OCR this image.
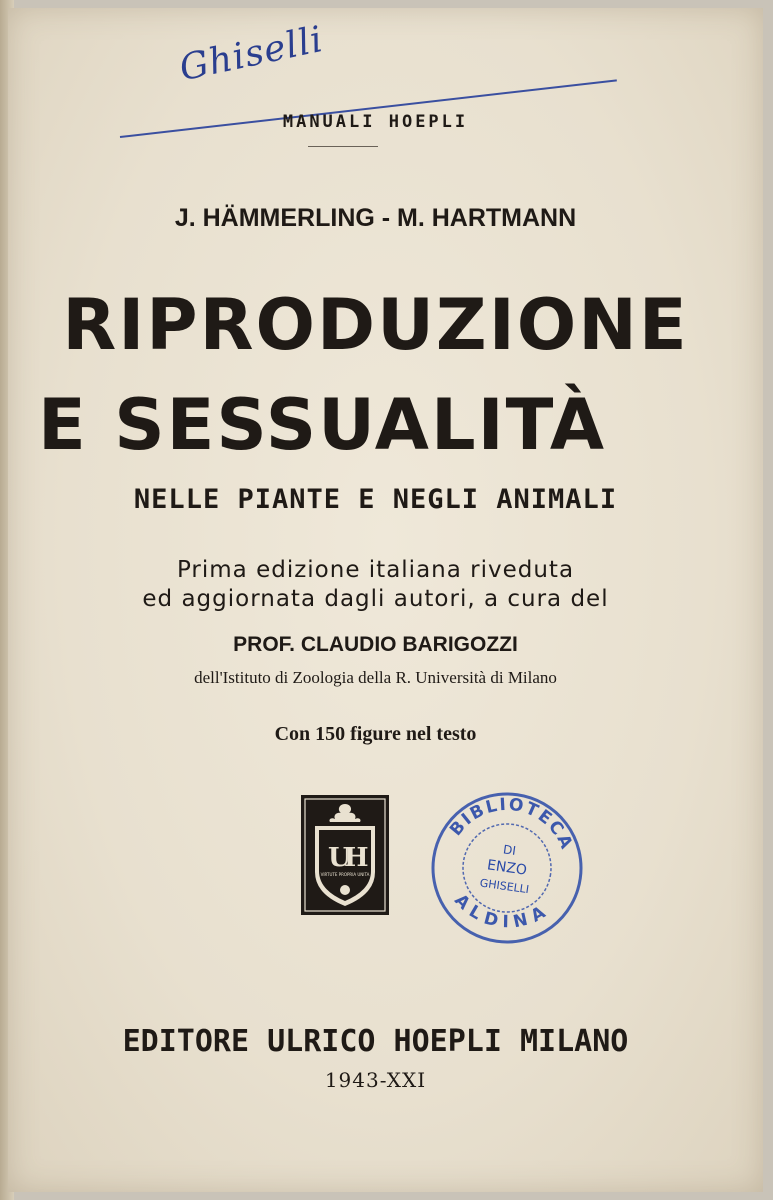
Ghiselli
MANUALI HOEPLI
J. HÄMMERLING - M. HARTMANN
RIPRODUZIONE
E SESSUALITÀ
NELLE PIANTE E NEGLI ANIMALI
Prima edizione italiana riveduta
ed aggiornata dagli autori, a cura del
PROF. CLAUDIO BARIGOZZI
dell'Istituto di Zoologia della R. Università di Milano
Con 150 figure nel testo
U
H
VIRTUTE PROPRIA UNITA
BIBLIOTECA
ALDINA
DI
ENZO
GHISELLI
EDITORE ULRICO HOEPLI MILANO
1943-XXI
